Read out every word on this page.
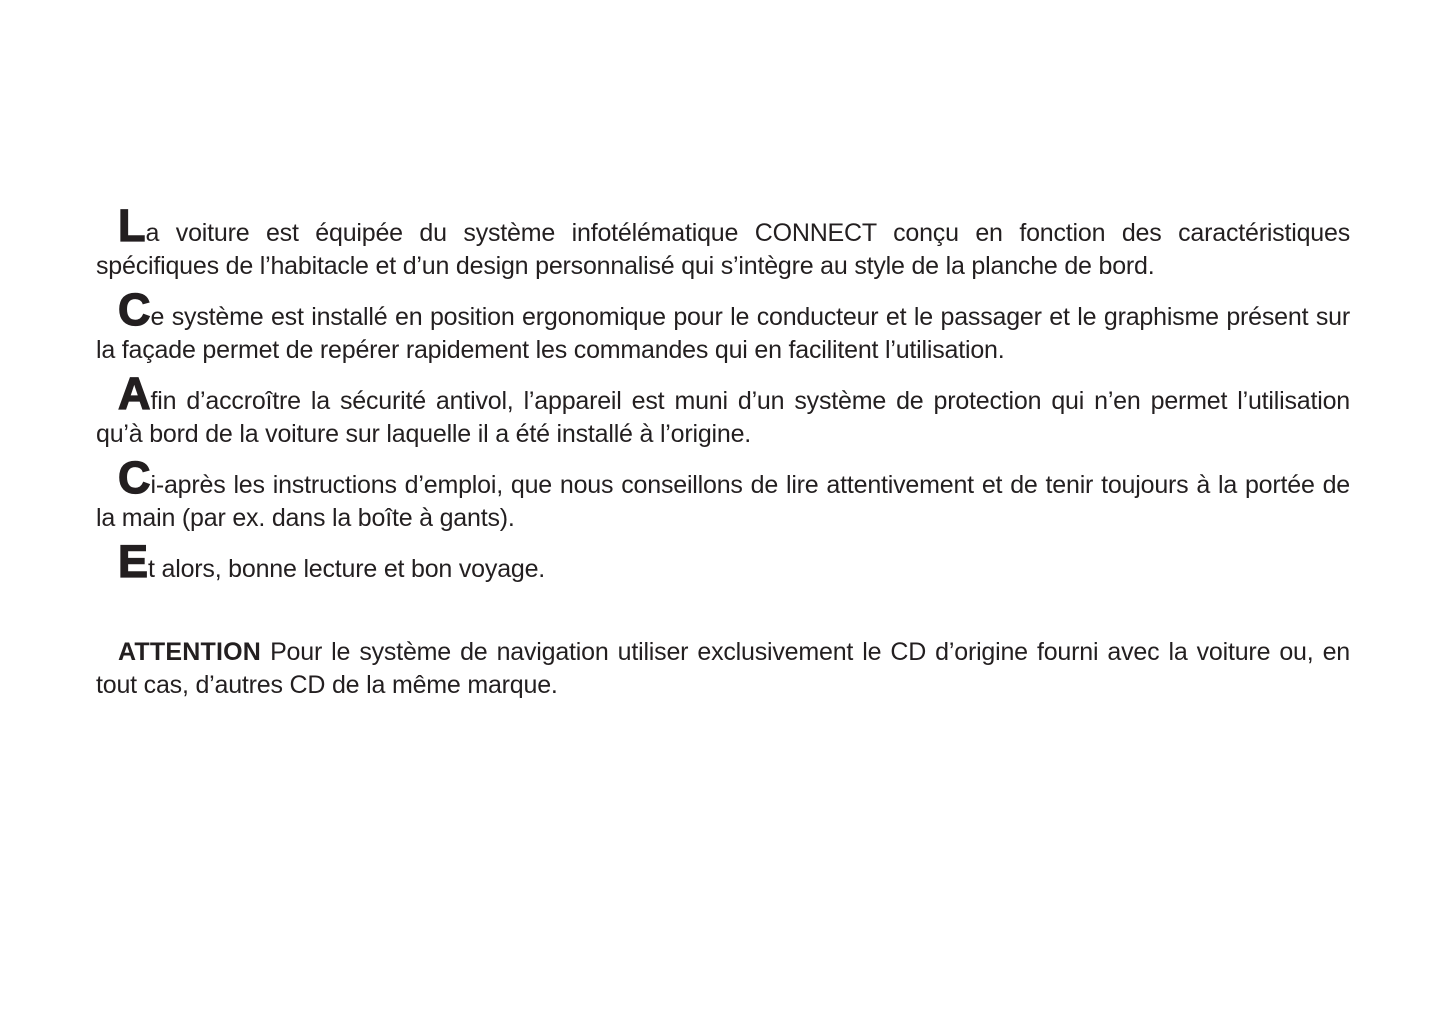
La voiture est équipée du système infotélématique CONNECT conçu en fonction des caractéristiques spécifiques de l’habitacle et d’un design personnalisé qui s’intègre au style de la planche de bord.

Ce système est installé en position ergonomique pour le conducteur et le passager et le graphisme présent sur la façade permet de repérer rapidement les commandes qui en facilitent l’utilisation.

Afin d’accroître la sécurité antivol, l’appareil est muni d’un système de protection qui n’en permet l’utilisation qu’à bord de la voiture sur laquelle il a été installé à l’origine.

Ci-après les instructions d’emploi, que nous conseillons de lire attentivement et de tenir toujours à la portée de la main (par ex. dans la boîte à gants).

Et alors, bonne lecture et bon voyage.

ATTENTION Pour le système de navigation utiliser exclusivement le CD d’origine fourni avec la voiture ou, en tout cas, d’autres CD de la même marque.
